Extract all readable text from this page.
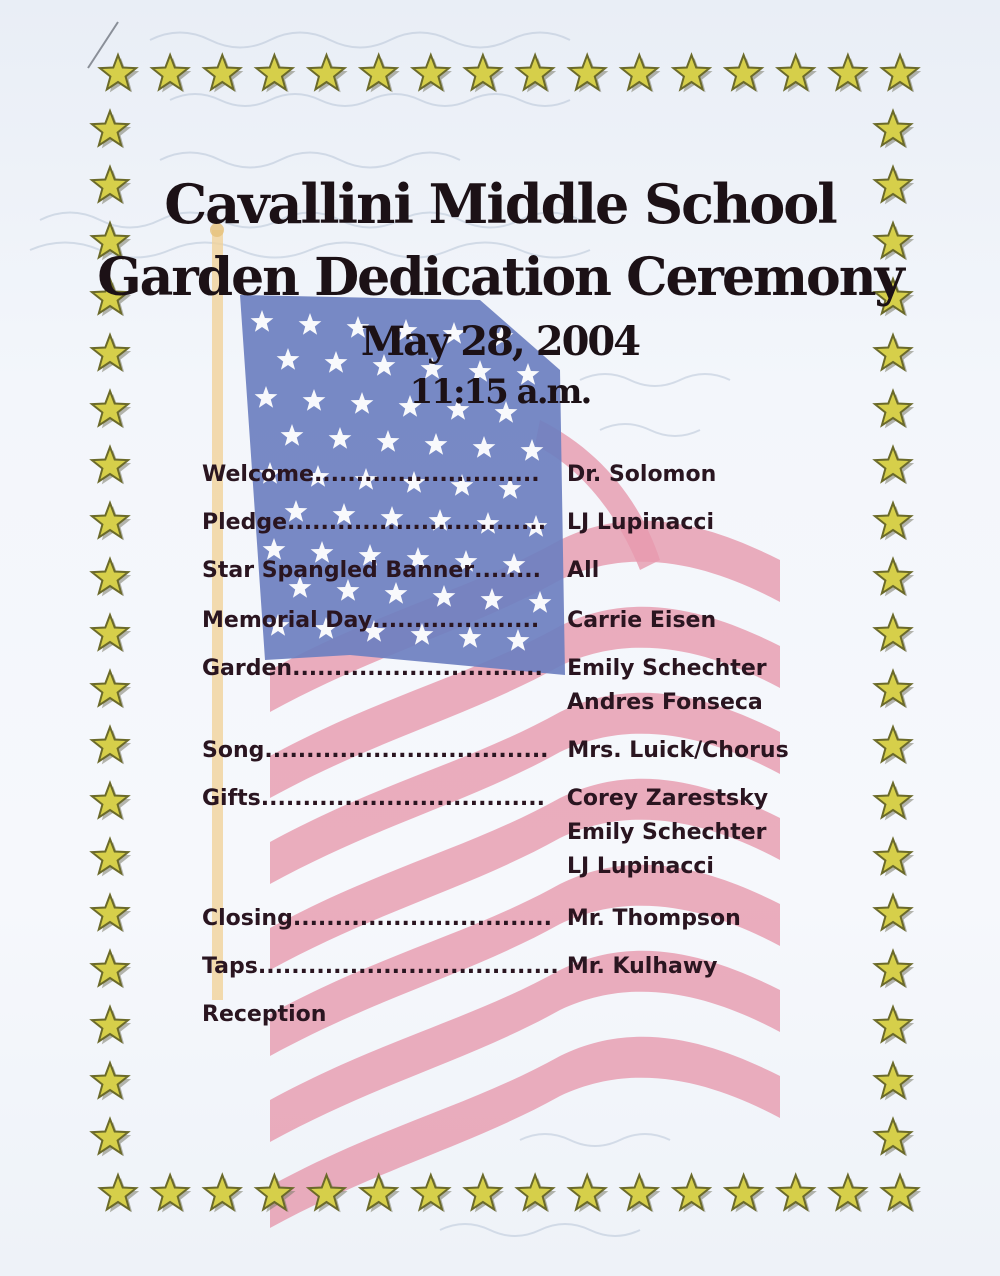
Cavallini Middle School
Garden Dedication Ceremony
May 28, 2004
11:15 a.m.
Welcome ...........................	Dr. Solomon
Pledge ............................... LJ Lupinacci
Star Spangled Banner ........	All
Memorial Day ....................	Carrie Eisen
Garden ..............................	Emily Schechter
Andres Fonseca
Song .................................. Mrs. Luick/Chorus
Gifts .................................. Corey Zarestsky
Emily Schechter
LJ Lupinacci
Closing ............................... Mr. Thompson
Taps .................................... Mr. Kulhawy
Reception
